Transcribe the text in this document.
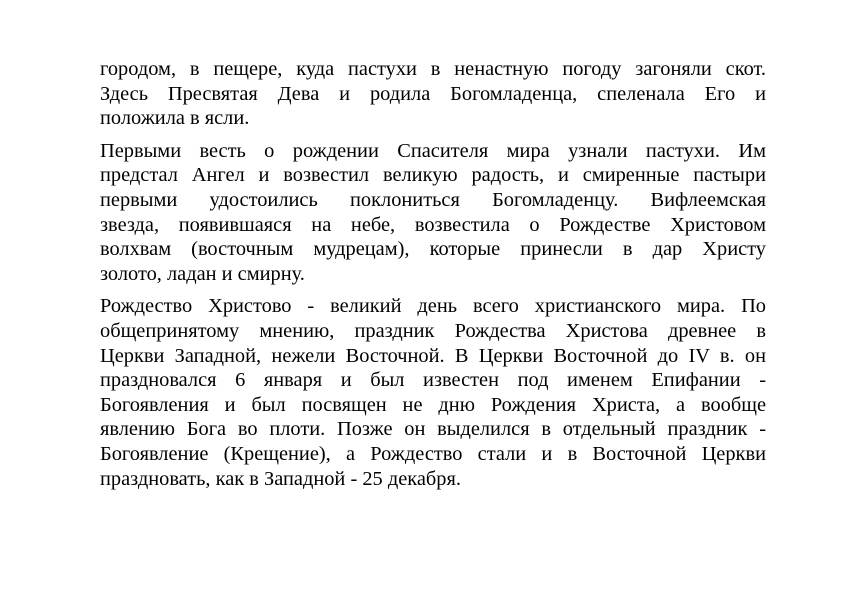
городом, в пещере, куда пастухи в ненастную погоду загоняли скот.
Здесь Пресвятая Дева и родила Богомладенца, спеленала Его и
положила в ясли.
Первыми весть о рождении Спасителя мира узнали пастухи. Им
предстал Ангел и возвестил великую радость, и смиренные пастыри
первыми удостоились поклониться Богомладенцу. Вифлеемская
звезда, появившаяся на небе, возвестила о Рождестве Христовом
волхвам (восточным мудрецам), которые принесли в дар Христу
золото, ладан и смирну.
Рождество Христово - великий день всего христианского мира. По
общепринятому мнению, праздник Рождества Христова древнее в
Церкви Западной, нежели Восточной. В Церкви Восточной до IV в. он
праздновался 6 января и был известен под именем Епифании -
Богоявления и был посвящен не дню Рождения Христа, а вообще
явлению Бога во плоти. Позже он выделился в отдельный праздник -
Богоявление (Крещение), а Рождество стали и в Восточной Церкви
праздновать, как в Западной - 25 декабря.
